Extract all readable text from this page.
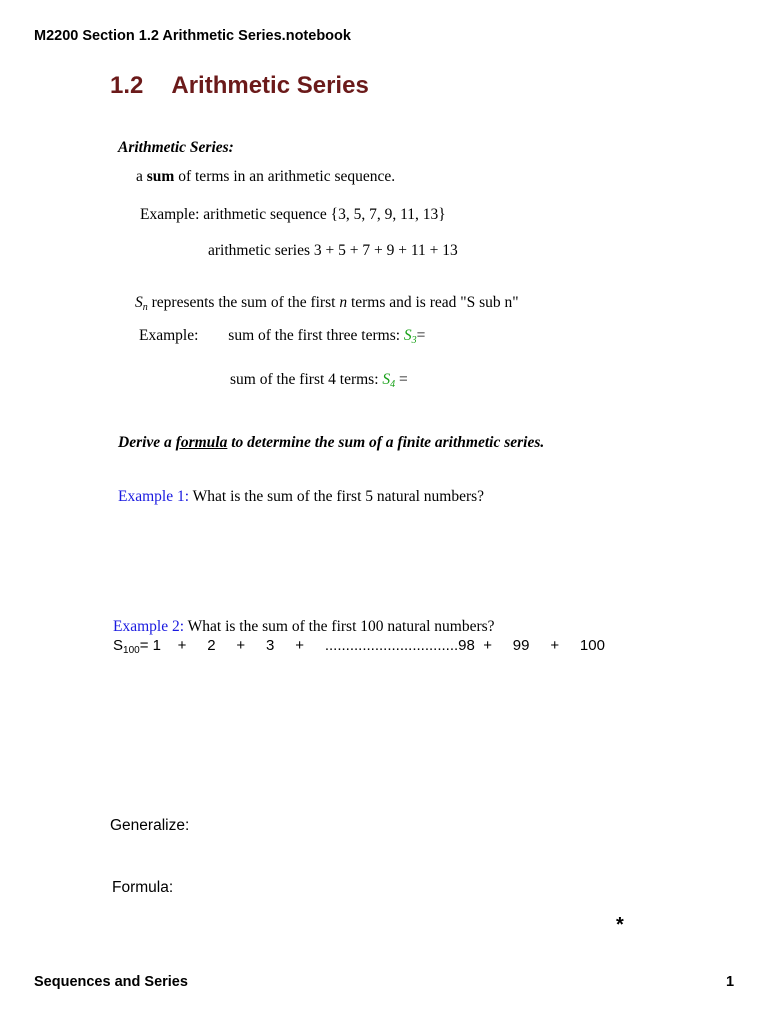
M2200 Section 1.2 Arithmetic Series.notebook
1.2 Arithmetic Series
Arithmetic Series:
a sum of terms in an arithmetic sequence.
Example: arithmetic sequence {3, 5, 7, 9, 11, 13}
arithmetic series 3 + 5 + 7 + 9 + 11 + 13
$S_n$ represents the sum of the first n terms and is read "S sub n"
Example: sum of the first three terms: $S_3=$
sum of the first 4 terms: $S_4$ =
Derive a formula to determine the sum of a finite arithmetic series.
Example 1: What is the sum of the first 5 natural numbers?
Example 2: What is the sum of the first 100 natural numbers?
$S_{100}= 1$    +     2     +     3     + ................................98 +     99     +     100
Generalize:
Formula:
*
Sequences and Series	1
